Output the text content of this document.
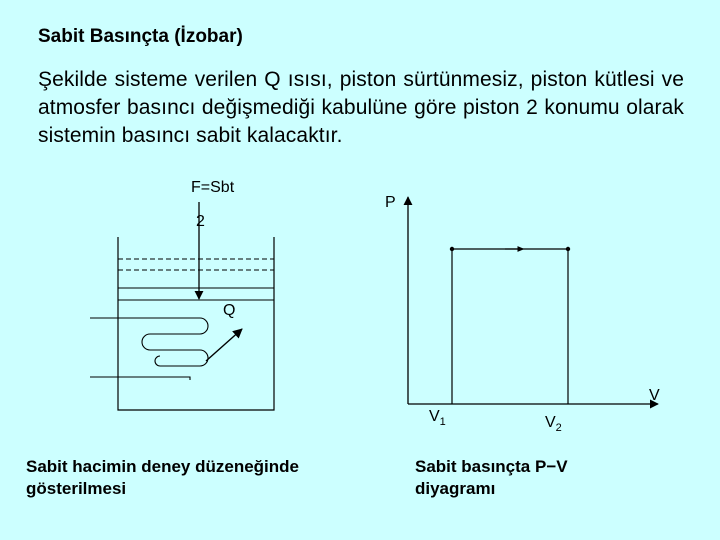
Sabit Basınçta (İzobar)
Şekilde sisteme verilen Q ısısı, piston sürtünmesiz, piston kütlesi ve atmosfer basıncı değişmediği kabulüne göre piston 2 konumu olarak sistemin basıncı sabit kalacaktır.
F=Sbt
2
Q
Sabit hacimin deney düzeneğinde
gösterilmesi
P
V
$V_1$	$V_2$
Sabit basınçta P−V
diyagramı
